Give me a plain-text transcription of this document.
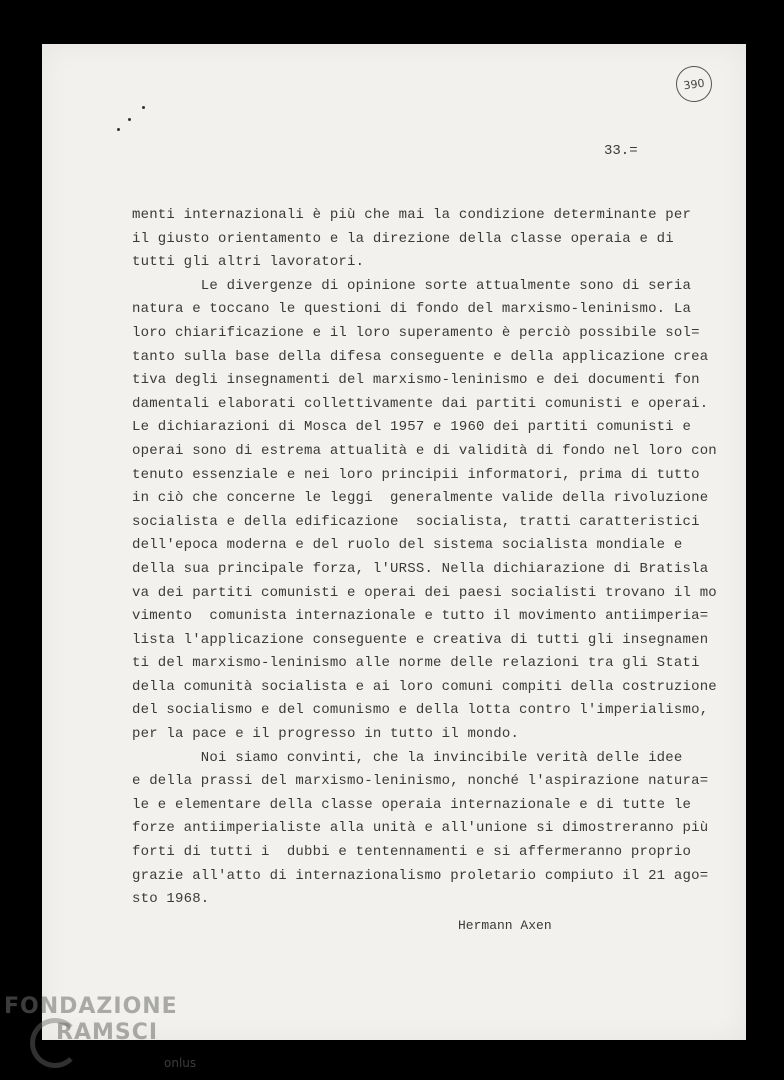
390
33.=
menti internazionali è più che mai la condizione determinante per
il giusto orientamento e la direzione della classe operaia e di
tutti gli altri lavoratori.
Le divergenze di opinione sorte attualmente sono di seria
natura e toccano le questioni di fondo del marxismo-leninismo. La
loro chiarificazione e il loro superamento è perciò possibile sol=
tanto sulla base della difesa conseguente e della applicazione crea
tiva degli insegnamenti del marxismo-leninismo e dei documenti fon
damentali elaborati collettivamente dai partiti comunisti e operai.
Le dichiarazioni di Mosca del 1957 e 1960 dei partiti comunisti e
operai sono di estrema attualità e di validità di fondo nel loro con
tenuto essenziale e nei loro principii informatori, prima di tutto
in ciò che concerne le leggi  generalmente valide della rivoluzione
socialista e della edificazione  socialista, tratti caratteristici
dell'epoca moderna e del ruolo del sistema socialista mondiale e
della sua principale forza, l'URSS. Nella dichiarazione di Bratisla
va dei partiti comunisti e operai dei paesi socialisti trovano il mo
vimento  comunista internazionale e tutto il movimento antiimperia=
lista l'applicazione conseguente e creativa di tutti gli insegnamen
ti del marxismo-leninismo alle norme delle relazioni tra gli Stati
della comunità socialista e ai loro comuni compiti della costruzione
del socialismo e del comunismo e della lotta contro l'imperialismo,
per la pace e il progresso in tutto il mondo.
Noi siamo convinti, che la invincibile verità delle idee
e della prassi del marxismo-leninismo, nonché l'aspirazione natura=
le e elementare della classe operaia internazionale e di tutte le
forze antiimperialiste alla unità e all'unione si dimostreranno più
forti di tutti i  dubbi e tentennamenti e si affermeranno proprio
grazie all'atto di internazionalismo proletario compiuto il 21 ago=
sto 1968.
Hermann Axen
FONDAZIONE
RAMSCI
onlus
